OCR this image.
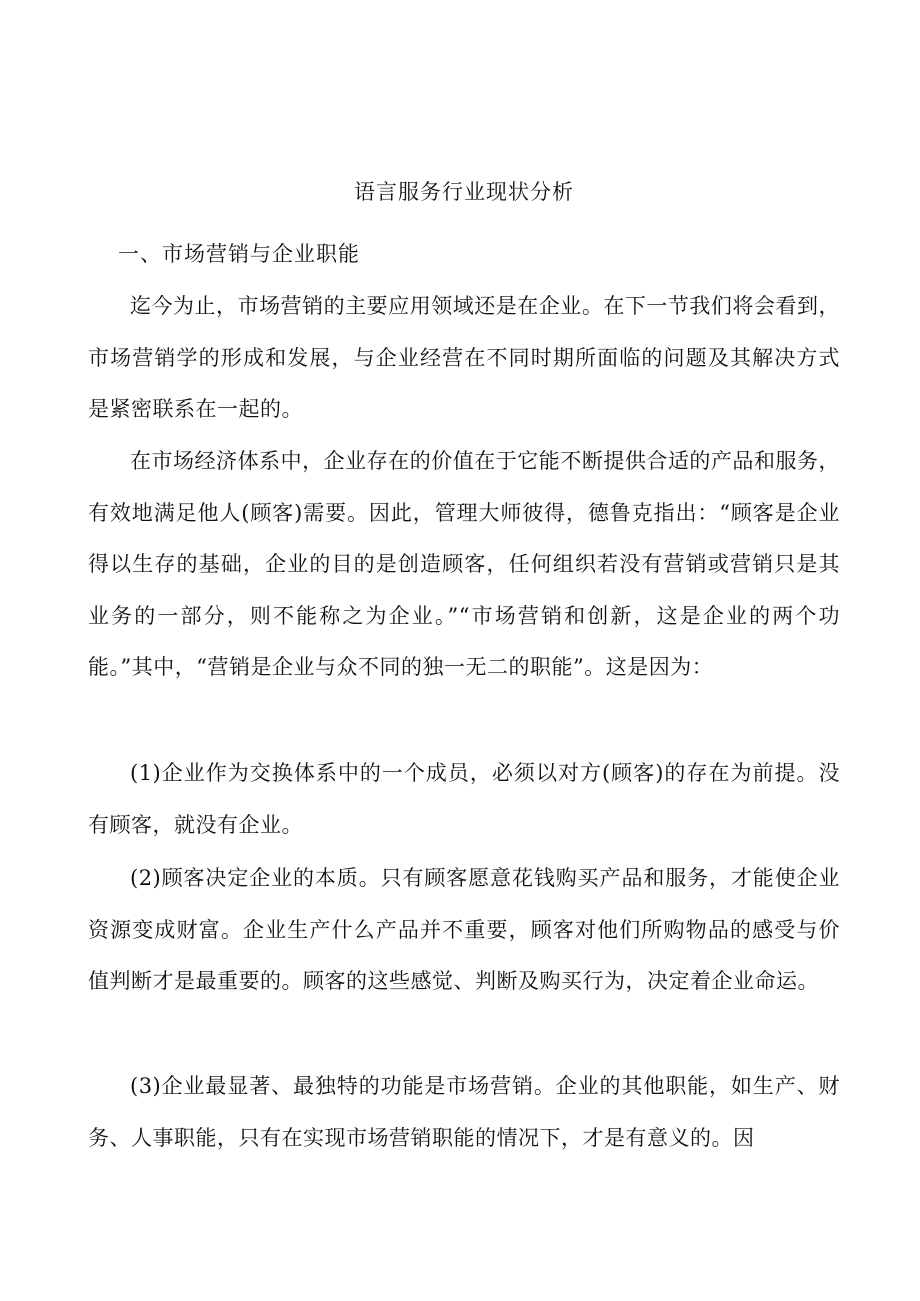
语言服务行业现状分析
一、市场营销与企业职能

迄今为止，市场营销的主要应用领域还是在企业。在下一节我们将会看到，市场营销学的形成和发展，与企业经营在不同时期所面临的问题及其解决方式是紧密联系在一起的。

在市场经济体系中，企业存在的价值在于它能不断提供合适的产品和服务，有效地满足他人(顾客)需要。因此，管理大师彼得，德鲁克指出：“顾客是企业得以生存的基础，企业的目的是创造顾客，任何组织若没有营销或营销只是其业务的一部分，则不能称之为企业。”“市场营销和创新，这是企业的两个功能。”其中，“营销是企业与众不同的独一无二的职能”。这是因为：

(1)企业作为交换体系中的一个成员，必须以对方(顾客)的存在为前提。没有顾客，就没有企业。

(2)顾客决定企业的本质。只有顾客愿意花钱购买产品和服务，才能使企业资源变成财富。企业生产什么产品并不重要，顾客对他们所购物品的感受与价值判断才是最重要的。顾客的这些感觉、判断及购买行为，决定着企业命运。

(3)企业最显著、最独特的功能是市场营销。企业的其他职能，如生产、财务、人事职能，只有在实现市场营销职能的情况下，才是有意义的。因
